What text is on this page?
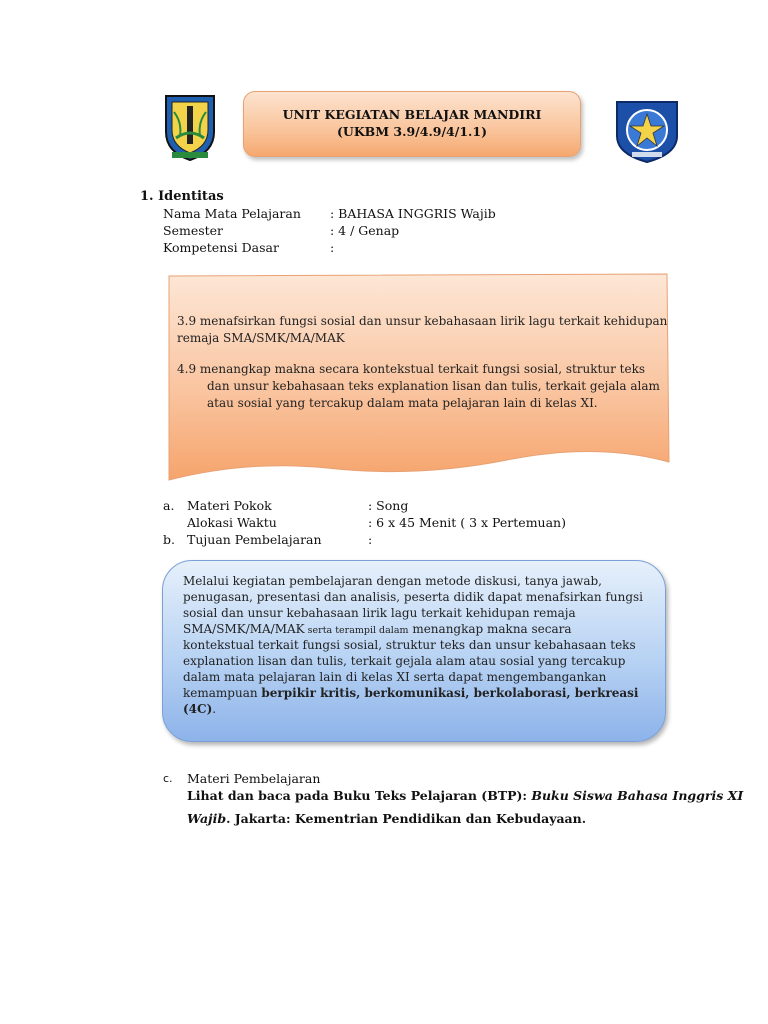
UNIT KEGIATAN BELAJAR MANDIRI
(UKBM 3.9/4.9/4/1.1)
1. Identitas
Nama Mata Pelajaran : BAHASA INGGRIS Wajib
Semester	: 4 / Genap
Kompetensi Dasar	:
3.9 menafsirkan fungsi sosial dan unsur kebahasaan lirik lagu terkait kehidupan
remaja SMA/SMK/MA/MAK
4.9 menangkap makna secara kontekstual terkait fungsi sosial, struktur teks
dan unsur kebahasaan teks explanation lisan dan tulis, terkait gejala alam
atau sosial yang tercakup dalam mata pelajaran lain di kelas XI.
a. Materi Pokok	: Song
Alokasi Waktu	: 6 x 45 Menit ( 3 x Pertemuan)
b. Tujuan Pembelajaran	:
Melalui kegiatan pembelajaran dengan metode diskusi, tanya jawab,
penugasan, presentasi dan analisis, peserta didik dapat menafsirkan fungsi
sosial dan unsur kebahasaan lirik lagu terkait kehidupan remaja
SMA/SMK/MA/MAK serta terampil dalam menangkap makna secara
kontekstual terkait fungsi sosial, struktur teks dan unsur kebahasaan teks
explanation lisan dan tulis, terkait gejala alam atau sosial yang tercakup
dalam mata pelajaran lain di kelas XI serta dapat mengembangankan
kemampuan berpikir kritis, berkomunikasi, berkolaborasi, berkreasi
(4C).
c. Materi Pembelajaran
Lihat dan baca pada Buku Teks Pelajaran (BTP): Buku Siswa Bahasa Inggris XI
Wajib. Jakarta: Kementrian Pendidikan dan Kebudayaan.
